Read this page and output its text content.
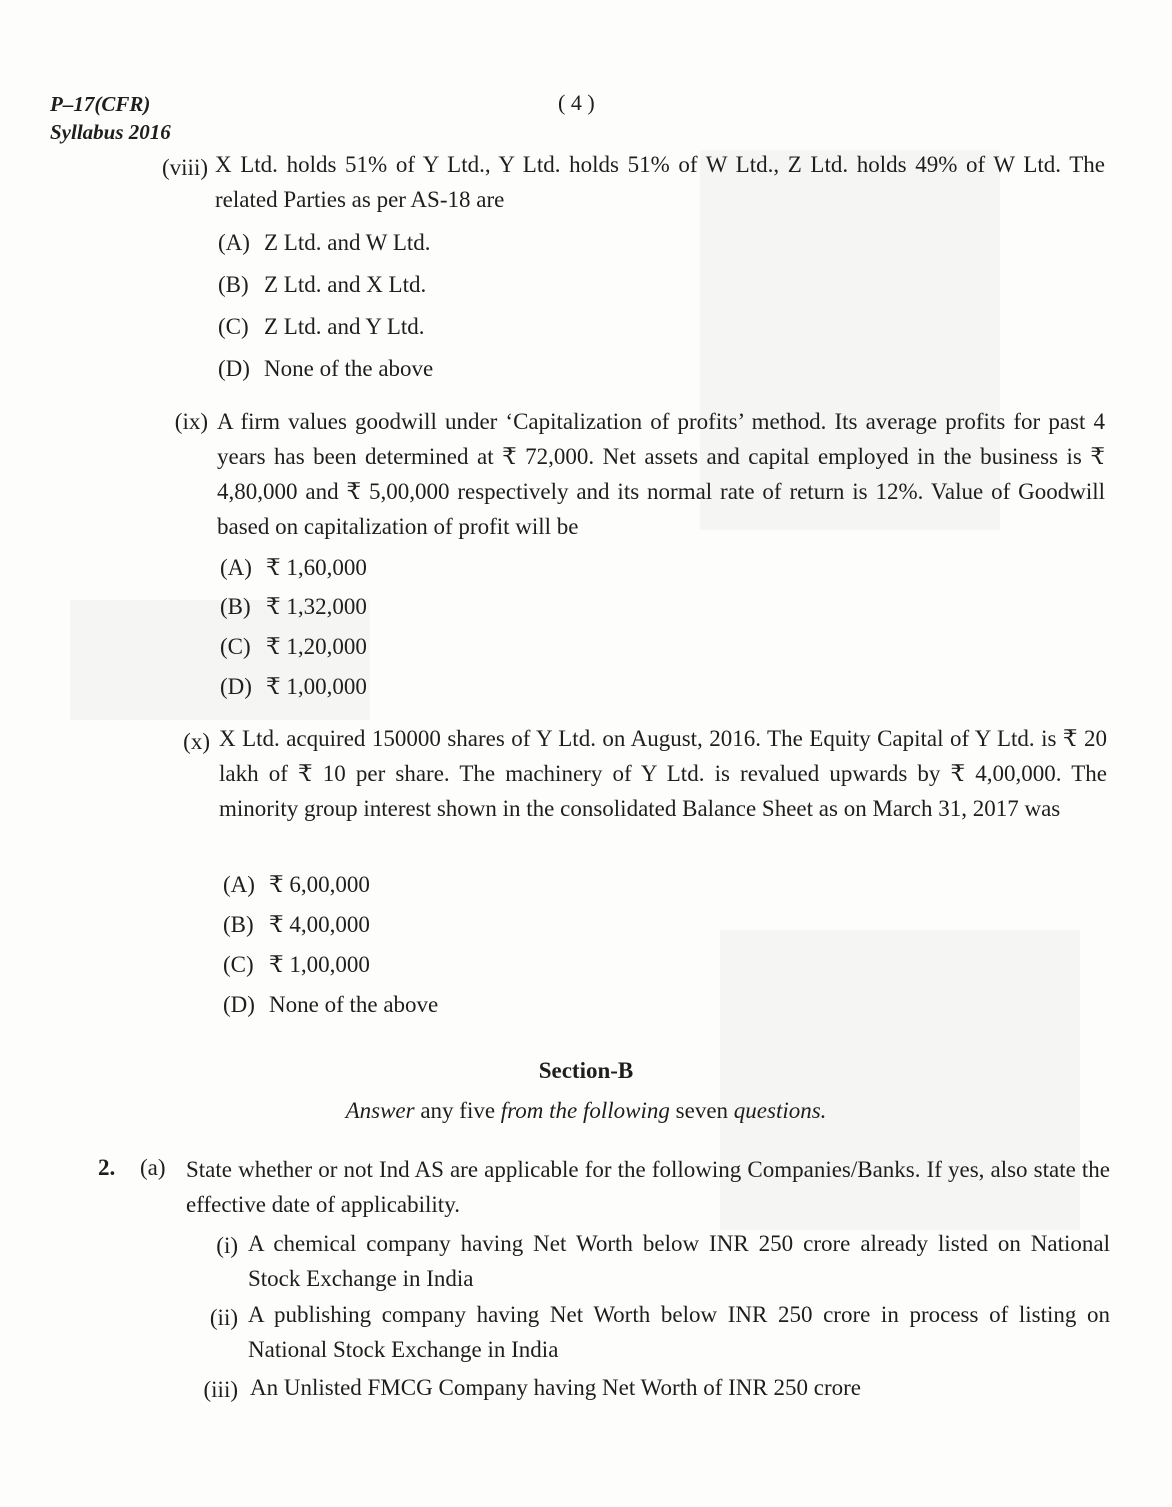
P–17(CFR)
Syllabus 2016
( 4 )
(viii) X Ltd. holds 51% of Y Ltd., Y Ltd. holds 51% of W Ltd., Z Ltd. holds 49% of W Ltd. The related Parties as per AS-18 are
(A) Z Ltd. and W Ltd.
(B) Z Ltd. and X Ltd.
(C) Z Ltd. and Y Ltd.
(D) None of the above
(ix) A firm values goodwill under ‘Capitalization of profits’ method. Its average profits for past 4 years has been determined at ₹ 72,000. Net assets and capital employed in the business is ₹ 4,80,000 and ₹ 5,00,000 respectively and its normal rate of return is 12%. Value of Goodwill based on capitalization of profit will be
(A) ₹ 1,60,000
(B) ₹ 1,32,000
(C) ₹ 1,20,000
(D) ₹ 1,00,000
(x) X Ltd. acquired 150000 shares of Y Ltd. on August, 2016. The Equity Capital of Y Ltd. is ₹ 20 lakh of ₹ 10 per share. The machinery of Y Ltd. is revalued upwards by ₹ 4,00,000. The minority group interest shown in the consolidated Balance Sheet as on March 31, 2017 was
(A) ₹ 6,00,000
(B) ₹ 4,00,000
(C) ₹ 1,00,000
(D) None of the above
Section-B
Answer any five from the following seven questions.
2. (a) State whether or not Ind AS are applicable for the following Companies/Banks. If yes, also state the effective date of applicability.
(i) A chemical company having Net Worth below INR 250 crore already listed on National Stock Exchange in India
(ii) A publishing company having Net Worth below INR 250 crore in process of listing on National Stock Exchange in India
(iii) An Unlisted FMCG Company having Net Worth of INR 250 crore
